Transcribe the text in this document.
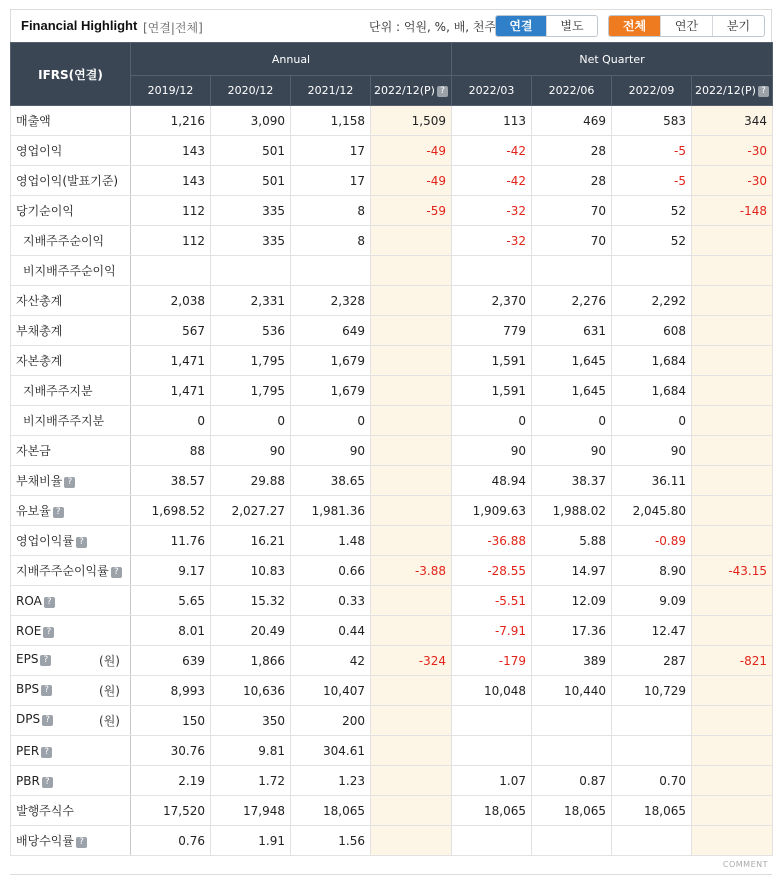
Financial Highlight [연결|전체]	단위 : 억원, %, 배, 천주	연결	별도	전체	연간	분기
IFRS(연결)	Annual				Net Quarter			
	2019/12	2020/12	2021/12	2022/12(P) ?	2022/03	2022/06	2022/09	2022/12(P) ?
매출액	1,216	3,090	1,158	1,509	113	469	583	344
영업이익	143	501	17	-49	-42	28	-5	-30
영업이익(발표기준)	143	501	17	-49	-42	28	-5	-30
당기순이익	112	335	8	-59	-32	70	52	-148
지배주주순이익	112	335	8		-32	70	52	
비지배주주순이익								
자산총계	2,038	2,331	2,328		2,370	2,276	2,292	
부채총계	567	536	649		779	631	608	
자본총계	1,471	1,795	1,679		1,591	1,645	1,684	
지배주주지분	1,471	1,795	1,679		1,591	1,645	1,684	
비지배주주지분	0	0	0		0	0	0	
자본금	88	90	90		90	90	90	
부채비율 ?	38.57	29.88	38.65		48.94	38.37	36.11	
유보율 ?	1,698.52	2,027.27	1,981.36		1,909.63	1,988.02	2,045.80	
영업이익률 ?	11.76	16.21	1.48		-36.88	5.88	-0.89	
지배주주순이익률 ?	9.17	10.83	0.66	-3.88	-28.55	14.97	8.90	-43.15
ROA ?	5.65	15.32	0.33		-5.51	12.09	9.09	
ROE ?	8.01	20.49	0.44		-7.91	17.36	12.47	
EPS ? (원)	639	1,866	42	-324	-179	389	287	-821
BPS ? (원)	8,993	10,636	10,407		10,048	10,440	10,729	
DPS ? (원)	150	350	200					
PER ?	30.76	9.81	304.61					
PBR ?	2.19	1.72	1.23		1.07	0.87	0.70	
발행주식수	17,520	17,948	18,065		18,065	18,065	18,065	
배당수익률 ?	0.76	1.91	1.56					
COMMENT
